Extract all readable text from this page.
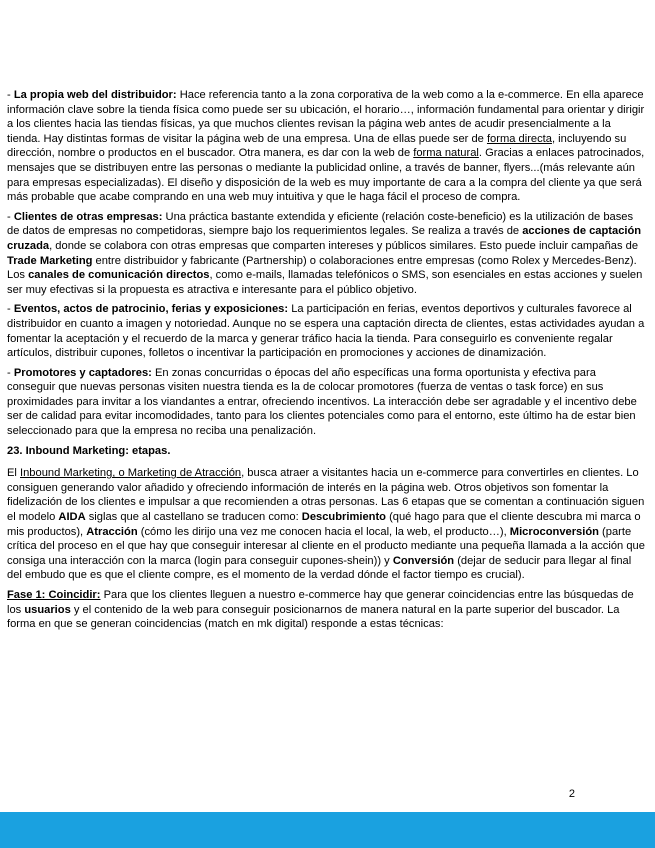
- La propia web del distribuidor: Hace referencia tanto a la zona corporativa de la web como a la e-commerce. En ella aparece información clave sobre la tienda física como puede ser su ubicación, el horario…, información fundamental para orientar y dirigir a los clientes hacia las tiendas físicas, ya que muchos clientes revisan la página web antes de acudir presencialmente a la tienda. Hay distintas formas de visitar la página web de una empresa. Una de ellas puede ser de forma directa, incluyendo su dirección, nombre o productos en el buscador. Otra manera, es dar con la web de forma natural. Gracias a enlaces patrocinados, mensajes que se distribuyen entre las personas o mediante la publicidad online, a través de banner, flyers...(más relevante aún para empresas especializadas). El diseño y disposición de la web es muy importante de cara a la compra del cliente ya que será más probable que acabe comprando en una web muy intuitiva y que le haga fácil el proceso de compra.

- Clientes de otras empresas: Una práctica bastante extendida y eficiente (relación coste-beneficio) es la utilización de bases de datos de empresas no competidoras, siempre bajo los requerimientos legales. Se realiza a través de acciones de captación cruzada, donde se colabora con otras empresas que comparten intereses y públicos similares. Esto puede incluir campañas de Trade Marketing entre distribuidor y fabricante (Partnership) o colaboraciones entre empresas (como Rolex y Mercedes-Benz). Los canales de comunicación directos, como e-mails, llamadas telefónicos o SMS, son esenciales en estas acciones y suelen ser muy efectivas si la propuesta es atractiva e interesante para el público objetivo.

- Eventos, actos de patrocinio, ferias y exposiciones: La participación en ferias, eventos deportivos y culturales favorece al distribuidor en cuanto a imagen y notoriedad. Aunque no se espera una captación directa de clientes, estas actividades ayudan a fomentar la aceptación y el recuerdo de la marca y generar tráfico hacia la tienda. Para conseguirlo es conveniente regalar artículos, distribuir cupones, folletos o incentivar la participación en promociones y acciones de dinamización.

- Promotores y captadores: En zonas concurridas o épocas del año específicas una forma oportunista y efectiva para conseguir que nuevas personas visiten nuestra tienda es la de colocar promotores (fuerza de ventas o task force) en sus proximidades para invitar a los viandantes a entrar, ofreciendo incentivos. La interacción debe ser agradable y el incentivo debe ser de calidad para evitar incomodidades, tanto para los clientes potenciales como para el entorno, este último ha de estar bien seleccionado para que la empresa no reciba una penalización.

23. Inbound Marketing: etapas.

El Inbound Marketing, o Marketing de Atracción, busca atraer a visitantes hacia un e-commerce para convertirles en clientes. Lo consiguen generando valor añadido y ofreciendo información de interés en la página web. Otros objetivos son fomentar la fidelización de los clientes e impulsar a que recomienden a otras personas. Las 6 etapas que se comentan a continuación siguen el modelo AIDA siglas que al castellano se traducen como: Descubrimiento (qué hago para que el cliente descubra mi marca o mis productos), Atracción (cómo les dirijo una vez me conocen hacia el local, la web, el producto…), Microconversión (parte crítica del proceso en el que hay que conseguir interesar al cliente en el producto mediante una pequeña llamada a la acción que consiga una interacción con la marca (login para conseguir cupones-shein)) y Conversión (dejar de seducir para llegar al final del embudo que es que el cliente compre, es el momento de la verdad dónde el factor tiempo es crucial).

Fase 1: Coincidir: Para que los clientes lleguen a nuestro e-commerce hay que generar coincidencias entre las búsquedas de los usuarios y el contenido de la web para conseguir posicionarnos de manera natural en la parte superior del buscador. La forma en que se generan coincidencias (match en mk digital) responde a estas técnicas:

2
